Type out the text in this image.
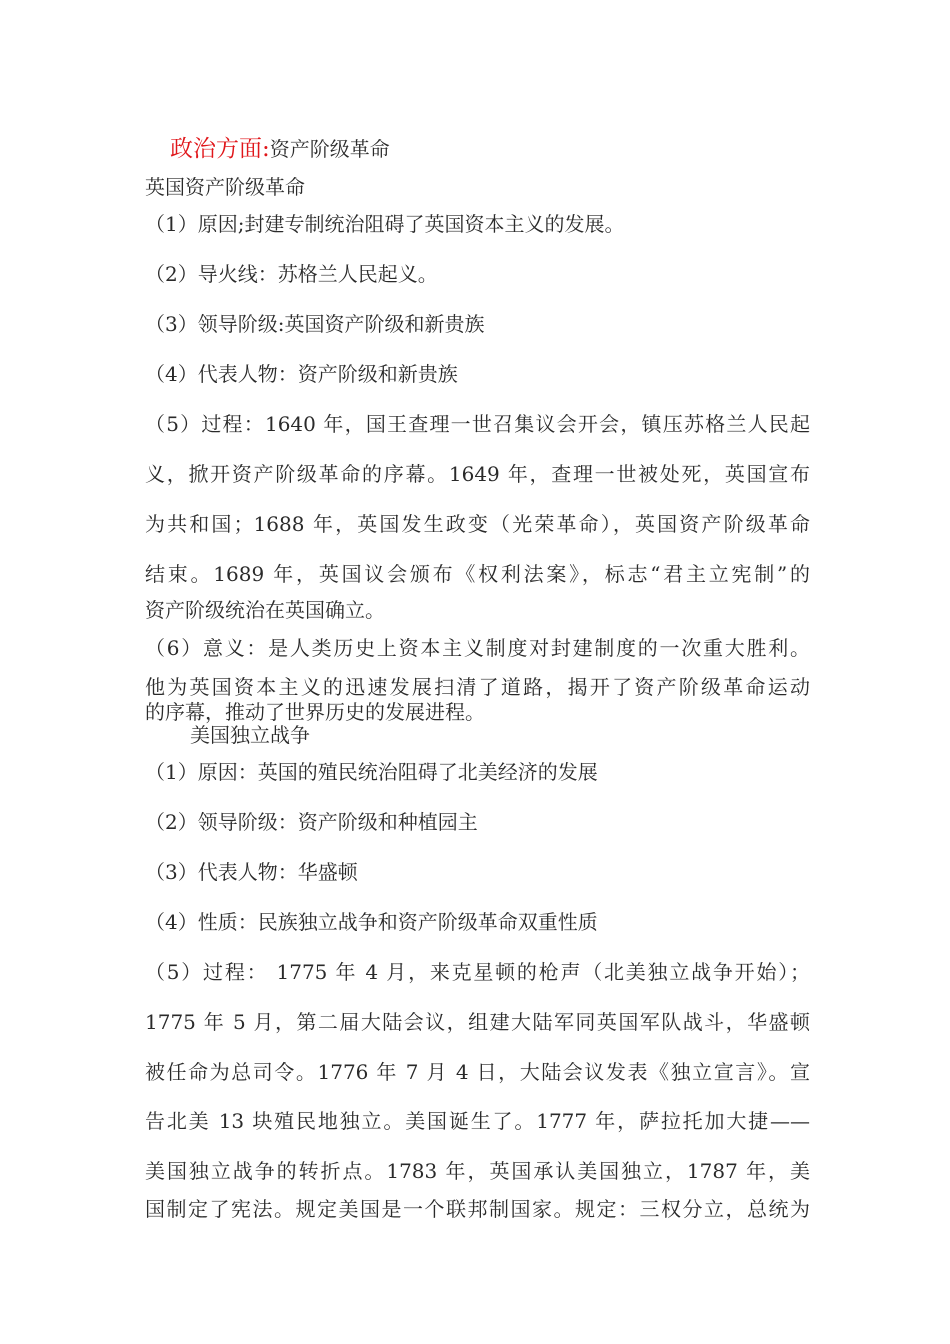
政治方面:资产阶级革命
英国资产阶级革命
（1）原因;封建专制统治阻碍了英国资本主义的发展。
（2）导火线：苏格兰人民起义。
（3）领导阶级:英国资产阶级和新贵族
（4）代表人物：资产阶级和新贵族
（5）过程：1640 年，国王查理一世召集议会开会，镇压苏格兰人民起
义，掀开资产阶级革命的序幕。1649 年，查理一世被处死，英国宣布
为共和国；1688 年，英国发生政变（光荣革命），英国资产阶级革命
结束。1689 年，英国议会颁布《权利法案》，标志“君主立宪制”的
资产阶级统治在英国确立。
（6）意义：是人类历史上资本主义制度对封建制度的一次重大胜利。
他为英国资本主义的迅速发展扫清了道路，揭开了资产阶级革命运动
的序幕，推动了世界历史的发展进程。
美国独立战争
（1）原因：英国的殖民统治阻碍了北美经济的发展
（2）领导阶级：资产阶级和种植园主
（3）代表人物：华盛顿
（4）性质：民族独立战争和资产阶级革命双重性质
（5）过程： 1775 年 4 月，来克星顿的枪声（北美独立战争开始）；
1775 年 5 月，第二届大陆会议，组建大陆军同英国军队战斗，华盛顿
被任命为总司令。1776 年 7 月 4 日，大陆会议发表《独立宣言》。宣
告北美 13 块殖民地独立。美国诞生了。1777 年，萨拉托加大捷——
美国独立战争的转折点。1783 年，英国承认美国独立，1787 年，美
国制定了宪法。规定美国是一个联邦制国家。规定：三权分立，总统为
